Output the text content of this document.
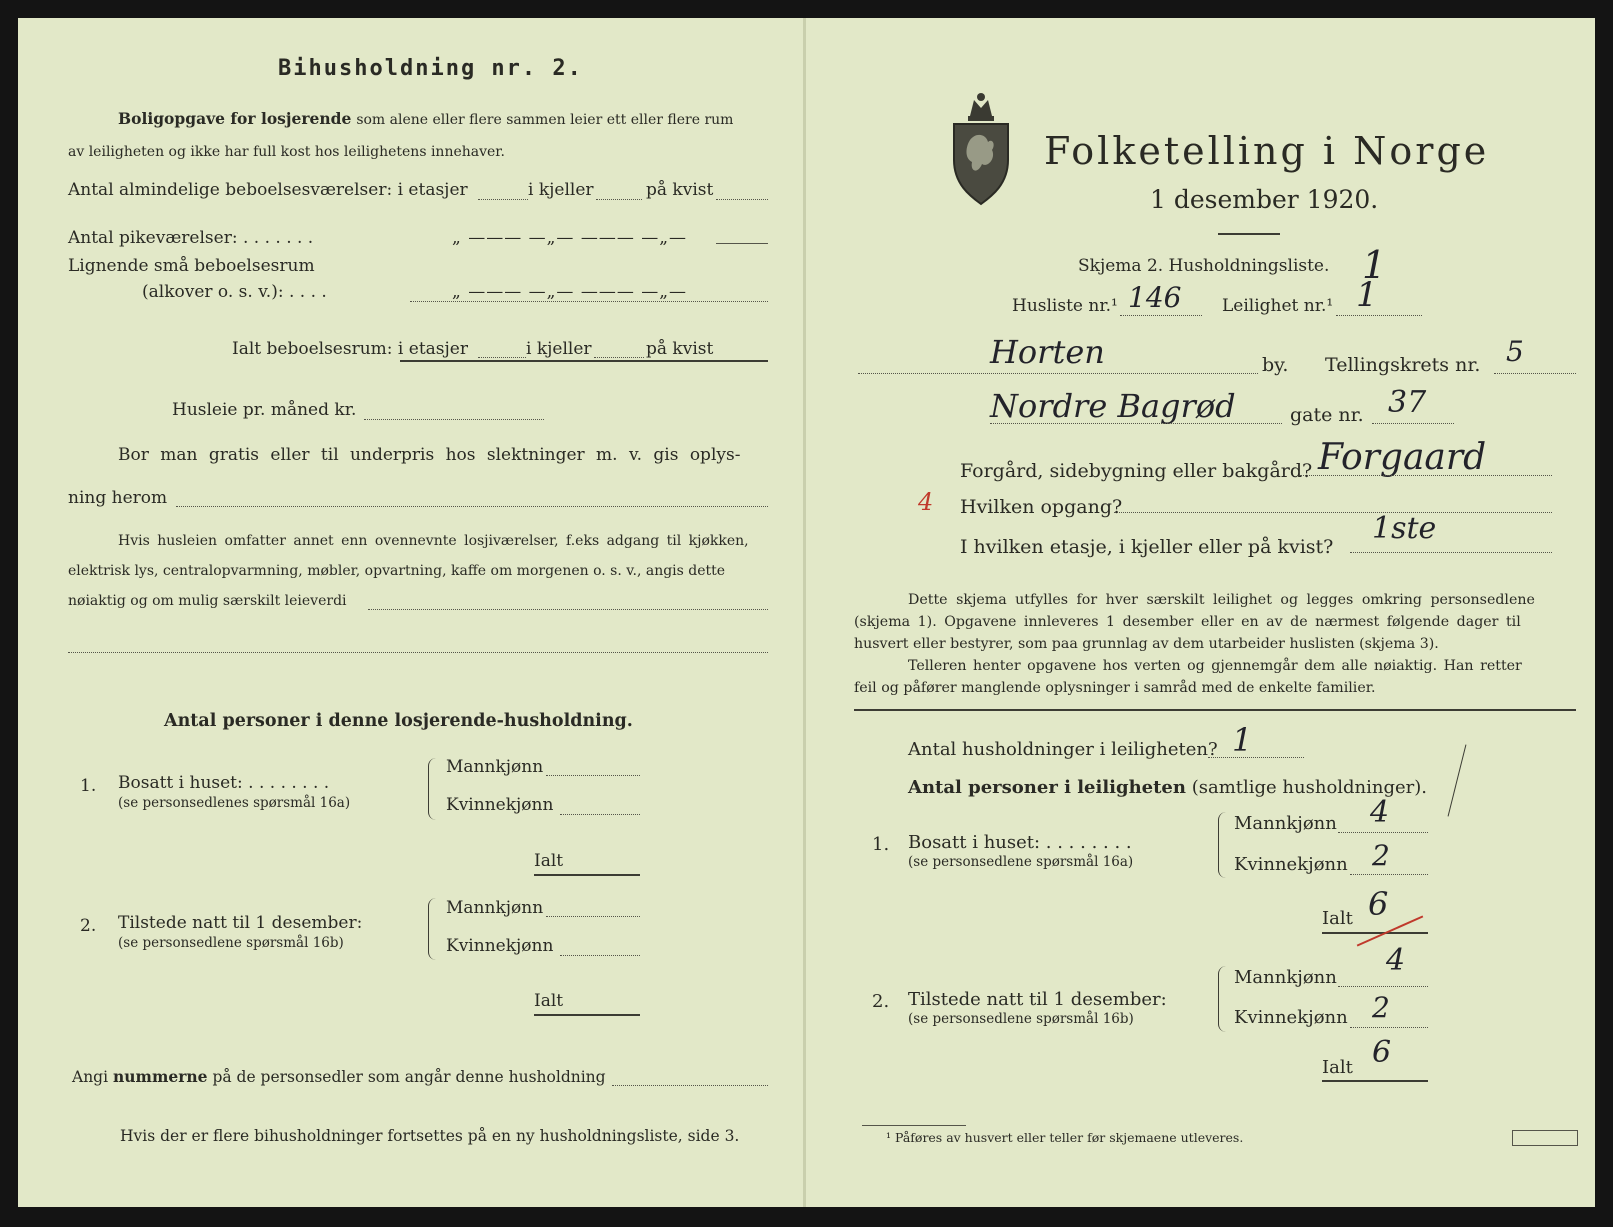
Bihusholdning nr. 2.
Boligopgave for losjerende som alene eller flere sammen leier ett eller flere rum
av leiligheten og ikke har full kost hos leilighetens innehaver.
Antal almindelige beboelsesværelser: i etasjer	i kjeller	på kvist
Antal pikeværelser: . . . . . . .	„ ——— —„— ——— —„—
Lignende små beboelsesrum
(alkover o. s. v.): . . . .	„ ——— —„— ——— —„—
Ialt beboelsesrum: i etasjer	i kjeller	på kvist
Husleie pr. måned kr.
Bor man gratis eller til underpris hos slektninger m. v. gis oplys-
ning herom
Hvis husleien omfatter annet enn ovennevnte losjiværelser, f.eks adgang til kjøkken,
elektrisk lys, centralopvarmning, møbler, opvartning, kaffe om morgenen o. s. v., angis dette
nøiaktig og om mulig særskilt leieverdi
Antal personer i denne losjerende-husholdning.
1. Bosatt i huset: . . . . . . . .
(se personsedlenes spørsmål 16a)
Mannkjønn
Kvinnekjønn
Ialt
2. Tilstede natt til 1 desember:
(se personsedlene spørsmål 16b)
Mannkjønn
Kvinnekjønn
Ialt
Angi nummerne på de personsedler som angår denne husholdning
Hvis der er flere bihusholdninger fortsettes på en ny husholdningsliste, side 3.
Folketelling i Norge
1 desember 1920.
Skjema 2. Husholdningsliste. 1
Husliste nr.¹ 146 Leilighet nr.¹ 1
Horten	by. Tellingskrets nr. 5
Nordre Bagrød	gate nr. 37
Forgård, sidebygning eller bakgård? Forgaard
4 Hvilken opgang?
I hvilken etasje, i kjeller eller på kvist?
1ste
Dette skjema utfylles for hver særskilt leilighet og legges omkring personsedlene
(skjema 1). Opgavene innleveres 1 desember eller en av de nærmest følgende dager til
husvert eller bestyrer, som paa grunnlag av dem utarbeider huslisten (skjema 3).
Telleren henter opgavene hos verten og gjennemgår dem alle nøiaktig. Han retter
feil og påfører manglende oplysninger i samråd med de enkelte familier.
Antal husholdninger i leiligheten? 1
Antal personer i leiligheten (samtlige husholdninger).
1. Bosatt i huset: . . . . . . . .
(se personsedlene spørsmål 16a)
Mannkjønn 4
Kvinnekjønn 2
Ialt 6
2. Tilstede natt til 1 desember:
(se personsedlene spørsmål 16b)
Mannkjønn 4
Kvinnekjønn 2
Ialt 6
¹ Påføres av husvert eller teller før skjemaene utleveres.
